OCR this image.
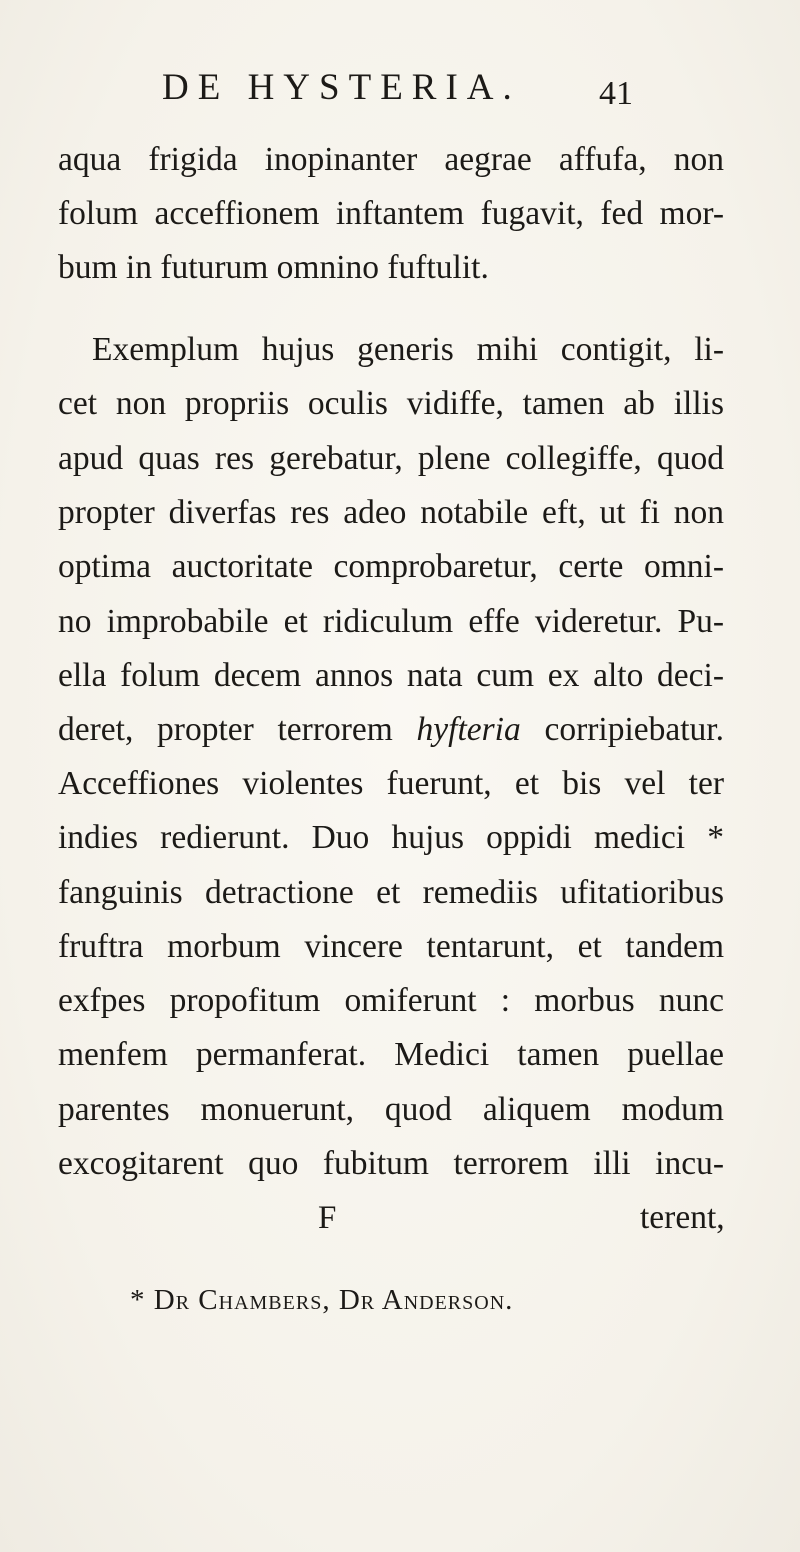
DE HYSTERIA. 41
aqua frigida inopinanter aegrae affufa, non
folum acceffionem inftantem fugavit, fed mor-
bum in futurum omnino fuftulit.
Exemplum hujus generis mihi contigit, li-
cet non propriis oculis vidiffe, tamen ab illis
apud quas res gerebatur, plene collegiffe, quod
propter diverfas res adeo notabile eft, ut fi non
optima auctoritate comprobaretur, certe omni-
no improbabile et ridiculum effe videretur. Pu-
ella folum decem annos nata cum ex alto deci-
deret, propter terrorem hyfteria corripiebatur.
Acceffiones violentes fuerunt, et bis vel ter
indies redierunt. Duo hujus oppidi medici *
fanguinis detractione et remediis ufitatioribus
fruftra morbum vincere tentarunt, et tandem
exfpes propofitum omiferunt : morbus nunc
menfem permanferat. Medici tamen puellae
parentes monuerunt, quod aliquem modum
excogitarent quo fubitum terrorem illi incu-
F	terent,
* Dr Chambers, Dr Anderson.
